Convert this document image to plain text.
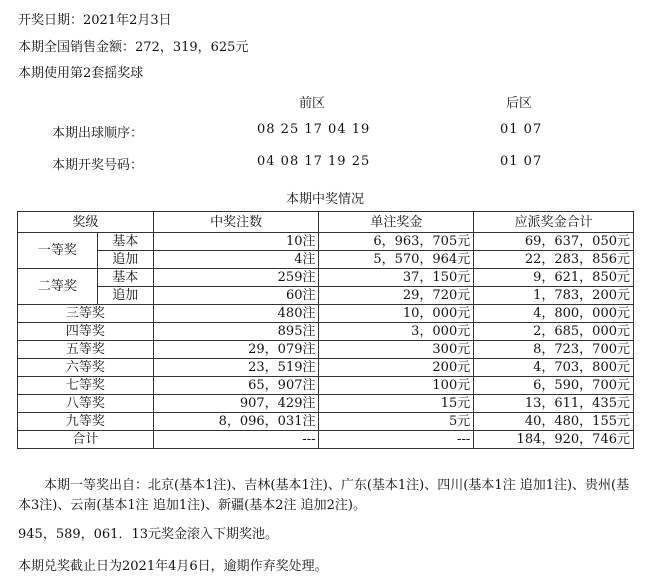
开奖日期：2021年2月3日
本期全国销售金额：272，319，625元
本期使用第2套摇奖球
前区	后区
本期出球顺序：	08 25 17 04 19	01 07
本期开奖号码：	04 08 17 19 25	01 07
本期中奖情况
奖级		中奖注数	单注奖金	应派奖金合计
一等奖	基本	10注	6，963，705元	69，637，050元
	追加	4注	5，570，964元	22，283，856元
二等奖	基本	259注	37，150元	9，621，850元
	追加	60注	29，720元	1，783，200元
三等奖		480注	10，000元	4，800，000元
四等奖		895注	3，000元	2，685，000元
五等奖		29，079注	300元	8，723，700元
六等奖		23，519注	200元	4，703，800元
七等奖		65，907注	100元	6，590，700元
八等奖		907，429注	15元	13，611，435元
九等奖		8，096，031注	5元	40，480，155元
合计		---	---	184，920，746元
本期一等奖出自：北京(基本1注)、吉林(基本1注)、广东(基本1注)、四川(基本1注 追加1注)、贵州(基本3注)、云南(基本1注 追加1注)、新疆(基本2注 追加2注)。
945，589，061．13元奖金滚入下期奖池。
本期兑奖截止日为2021年4月6日，逾期作弃奖处理。
